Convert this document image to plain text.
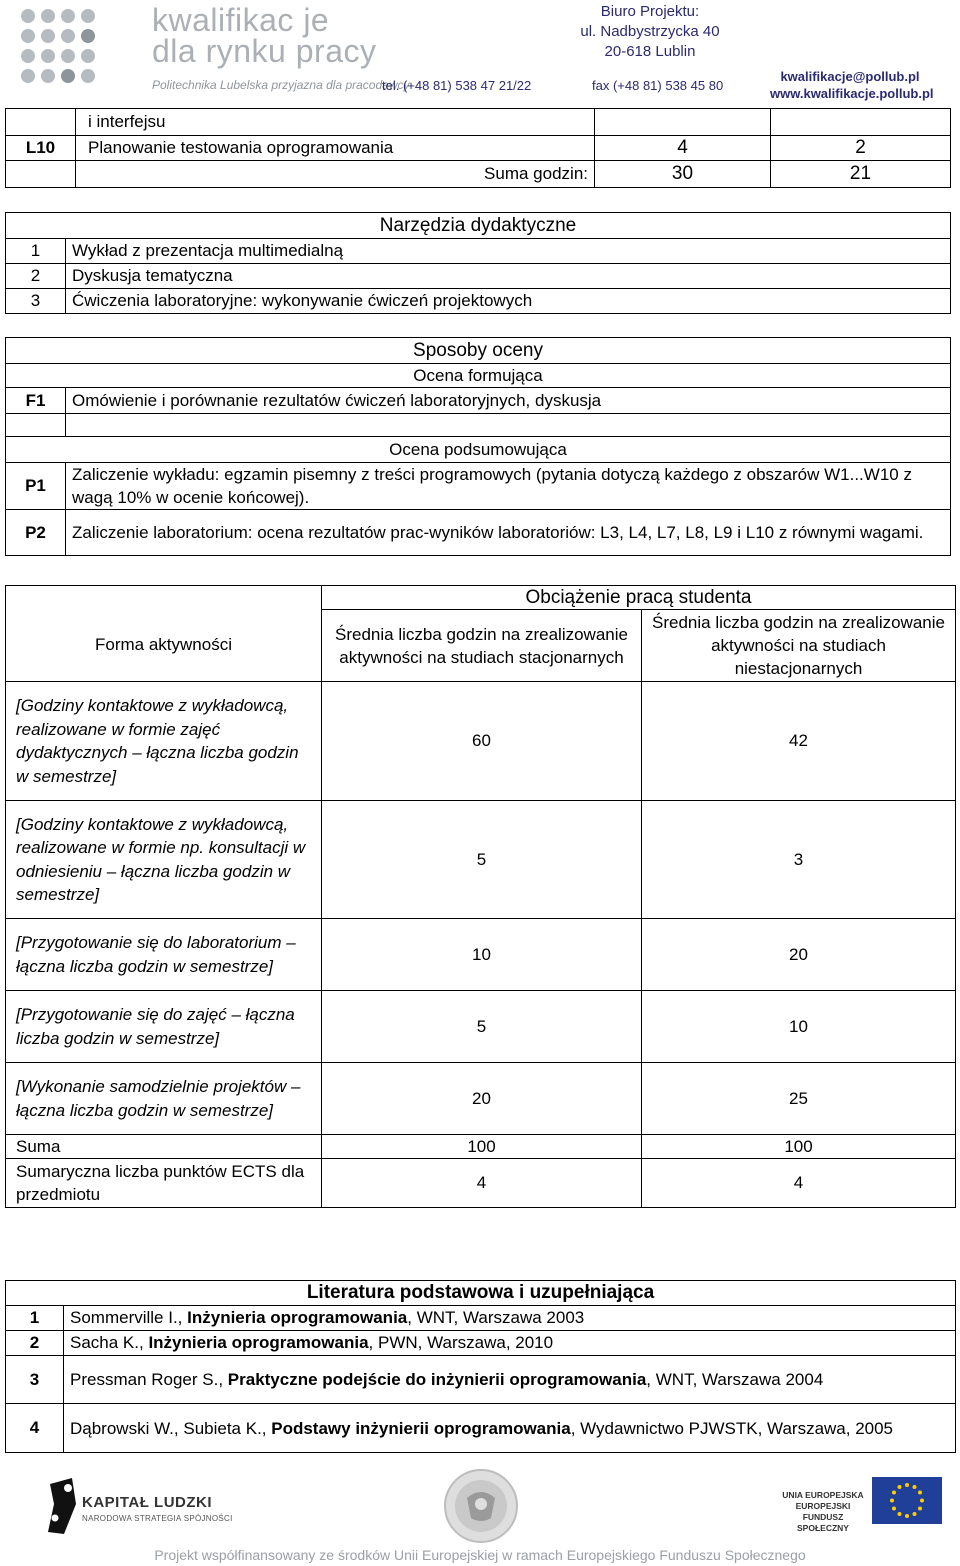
kwalifikac je
dla rynku pracy
Politechnika Lubelska przyjazna dla pracodawcy
Biuro Projektu:
ul. Nadbystrzycka 40
20-618 Lublin
tel. (+48 81) 538 47 21/22	fax (+48 81) 538 45 80
kwalifikacje@pollub.pl
www.kwalifikacje.pollub.pl
	i interfejsu		
L10	Planowanie testowania oprogramowania	4	2
	Suma godzin:	30	21
Narzędzia dydaktyczne	
1	Wykład z prezentacja multimedialną
2	Dyskusja tematyczna
3	Ćwiczenia laboratoryjne: wykonywanie ćwiczeń projektowych
Sposoby oceny	
Ocena formująca	
F1	Omówienie i porównanie rezultatów ćwiczeń laboratoryjnych, dyskusja

Ocena podsumowująca	
P1	Zaliczenie wykładu: egzamin pisemny z treści programowych (pytania dotyczą każdego z obszarów W1...W10 z wagą 10% w ocenie końcowej).
P2	Zaliczenie laboratorium: ocena rezultatów prac-wyników laboratoriów: L3, L4, L7, L8, L9 i L10 z równymi wagami.
	Obciążenie pracą studenta	
Forma aktywności	Średnia liczba godzin na zrealizowanie aktywności na studiach stacjonarnych	Średnia liczba godzin na zrealizowanie aktywności na studiach niestacjonarnych
[Godziny kontaktowe z wykładowcą, realizowane w formie zajęć dydaktycznych – łączna liczba godzin w semestrze]	60	42
[Godziny kontaktowe z wykładowcą, realizowane w formie np. konsultacji w odniesieniu – łączna liczba godzin w semestrze]	5	3
[Przygotowanie się do laboratorium – łączna liczba godzin w semestrze]	10	20
[Przygotowanie się do zajęć – łączna liczba godzin w semestrze]	5	10
[Wykonanie samodzielnie projektów – łączna liczba godzin w semestrze]	20	25
Suma	100	100
Sumaryczna liczba punktów ECTS dla przedmiotu	4	4
Literatura podstawowa i uzupełniająca	
1	Sommerville I., Inżynieria oprogramowania, WNT, Warszawa 2003
2	Sacha K., Inżynieria oprogramowania, PWN, Warszawa, 2010
3	Pressman Roger S., Praktyczne podejście do inżynierii oprogramowania, WNT, Warszawa 2004
4	Dąbrowski W., Subieta K., Podstawy inżynierii oprogramowania, Wydawnictwo PJWSTK, Warszawa, 2005
KAPITAŁ LUDZKI
NARODOWA STRATEGIA SPÓJNOŚCI
UNIA EUROPEJSKA
EUROPEJSKI
FUNDUSZ SPOŁECZNY
Projekt współfinansowany ze środków Unii Europejskiej w ramach Europejskiego Funduszu Społecznego
